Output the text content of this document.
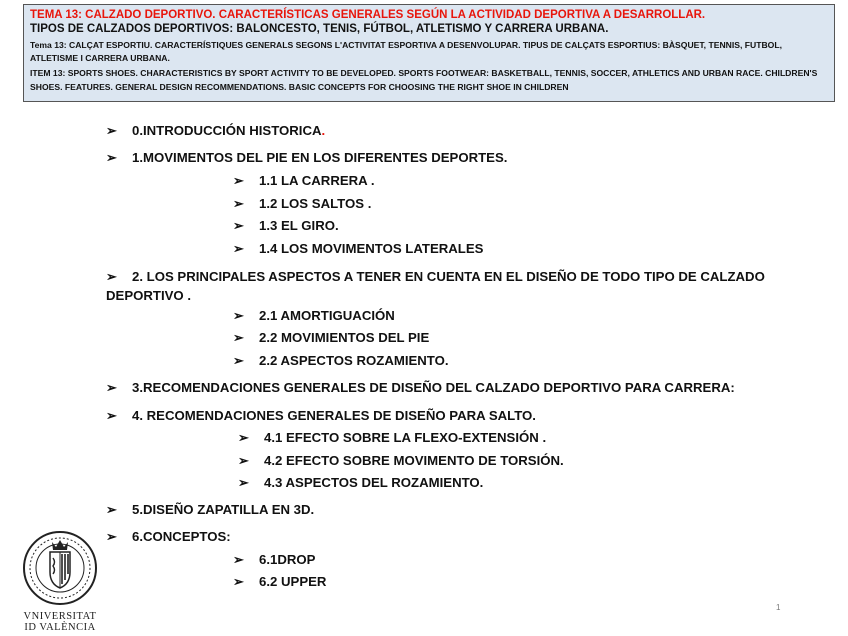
TEMA 13: CALZADO DEPORTIVO. CARACTERÍSTICAS GENERALES SEGÚN LA ACTIVIDAD DEPORTIVA A DESARROLLAR.
TIPOS DE CALZADOS DEPORTIVOS: BALONCESTO, TENIS, FÚTBOL, ATLETISMO Y CARRERA URBANA.
Tema 13: CALÇAT ESPORTIU. CARACTERÍSTIQUES GENERALS SEGONS L'ACTIVITAT ESPORTIVA A DESENVOLUPAR. TIPUS DE CALÇATS ESPORTIUS: BÀSQUET, TENNIS, FUTBOL, ATLETISME I CARRERA URBANA.
ITEM 13: SPORTS SHOES. CHARACTERISTICS BY SPORT ACTIVITY TO BE DEVELOPED. SPORTS FOOTWEAR: BASKETBALL, TENNIS, SOCCER, ATHLETICS AND URBAN RACE. CHILDREN'S SHOES. FEATURES. GENERAL DESIGN RECOMMENDATIONS. BASIC CONCEPTS FOR CHOOSING THE RIGHT SHOE IN CHILDREN
➢	0.INTRODUCCIÓN HISTORICA.
➢	1.MOVIMENTOS DEL PIE EN LOS DIFERENTES DEPORTES.
➢	1.1 LA CARRERA .
➢	1.2 LOS SALTOS .
➢	1.3 EL GIRO.
➢	1.4 LOS MOVIMENTOS LATERALES
➢ 2. LOS PRINCIPALES ASPECTOS A TENER EN CUENTA EN EL DISEÑO DE TODO TIPO DE CALZADO DEPORTIVO .
➢	2.1 AMORTIGUACIÓN
➢	2.2 MOVIMIENTOS DEL PIE
➢	2.2 ASPECTOS ROZAMIENTO.
➢	3.RECOMENDACIONES GENERALES DE DISEÑO DEL CALZADO DEPORTIVO PARA CARRERA:
➢	4. RECOMENDACIONES GENERALES DE DISEÑO PARA SALTO.
➢	4.1 EFECTO SOBRE LA FLEXO-EXTENSIÓN .
➢	4.2 EFECTO SOBRE MOVIMENTO DE TORSIÓN.
➢	4.3 ASPECTOS DEL ROZAMIENTO.
➢	5.DISEÑO ZAPATILLA EN 3D.
➢	6.CONCEPTOS:
➢	6.1DROP
➢	6.2 UPPER
1
VNIVERSITAT
ID VALÈNCIA
